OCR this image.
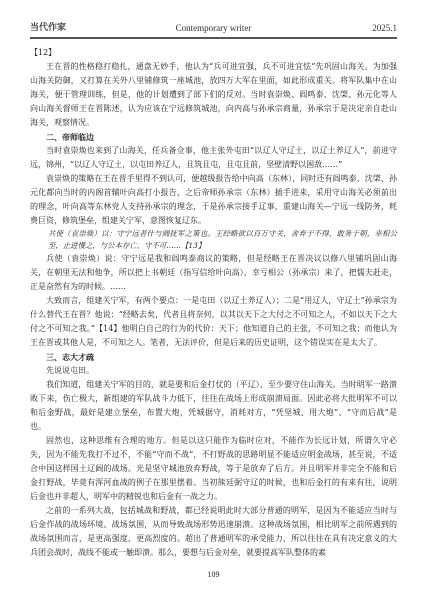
当代作家	Contemporary writer	2025.1

【12】

王在晋的性格稳打稳扎，通盘无妙手，他认为“兵可进宜强，兵不可进宜怯”先巩固山海关。为加强山海关防御，又打算在关外八里铺修筑一座城池，放四万大军在里面，如此形成重关。将军队集中在山海关，便于管理训练，但是，他的计划遭到了部下们的反对。当时袁崇焕、阎鸣泰、沈棨、孙元化等人向山海关督师王在晋陈述，认为应该在宁远修筑城池，向内高与孙承宗商量，孙承宗于是决定亲自赴山海关，观察情况。

二、帝师临边

当时袁崇焕也来到了山海关，任兵备佥事，他主张外屯田“以辽人守辽土，以辽土养辽人”，前进守远，锦州，“以辽人守辽土，以屯田养辽人，且筑且屯，且屯且前，坚壁清野以困敌……”

袁崇焕的策略在王在晋手里得不到认可，便越级报告给中向高（东林），同时还有阎鸣泰、沈棨、孙元化都向当时的内阁首辅叶向高打小报告，之后帝师孙承宗（东林）插手进来，采用守山海关必须前出的理念，叶向高等东林党人支持孙承宗的理念，于是孙承宗接手辽事，重建山海关—宁远一线防务，耗费巨资，修筑堡垒，组建关宁军，意图恢复辽东。

共使（袁崇焕）以：守宁远者什与阔抚军之策也。王经略欲以百万守关，舍弃于不得，敢务于朝，幸相公至，止进慢之，与公本存亡，守不可……【13】

兵使（袁崇焕）说：守宁远是我和阎鸣泰商议的策略，但是经略王在晋决议以修八里铺巩固山海关，在朝里无法和他争，所以把上书朝廷（指写信给叶向高），幸亏相公（孙承宗）来了，把懦夫赶走，正是奋然有为的时候。……

大致而言，组建关宁军，有两个要点：一是屯田（以辽土养辽人）；二是“用辽人，守辽土”孙承宗为什么替代王在晋？他说：“经略去矣，代者且将奈何，以其以天下之大付之不可知之人，不如以天下之大付之不可知之我。”【14】他明白自己的行为的代价：天下；他知道自己的主张，不可知之我；而他认为王在晋或其他人是，不可知之人。笔者，无法评价，但是后来的历史证明，这个错误实在是太大了。

三、志大才疏

先说说屯田。

我们知道，组建关宁军的目的，就是要和后金打仗的（平辽），至少要守住山海关。当时明军一路溃败下来，伤亡极大，新组建的军队战斗力低下，往往在战场上形成崩溃局面。因此必将大批明军不可以和后金野战，最好是建立堡垒，布置大炮，凭城据守，消耗对方，“凭坚城、用大炮”、“守而后战”是也。

固然也，这种思维有合理的地方。但是以这只能作为临时应对，不能作为长远计划，所谓久守必失，因为不能先我打不过不，不能“守而不战”，不打野战的思路明显不能适应明金战场，甚至说，不适合中国这样国土辽阔的战场。光是坚守城池放弃野战，等于是放弃了后方。并且明军并非完全不能和后金打野战，毕竟有浑河血战的例子在那里摆着。当初熊廷弼守辽的时候，也和后金打的有来有往，说明后金也并非超人，明军中的精锐也和后金有一战之力。

之前的一系列大战，包括城战和野战，都已经说明此时大部分普通的明军，是因为不能适应当时与后金作战的战场环境、战场氛围，从而导致战场形势迅速崩溃。这种战场氛围，相比明军之前所遇到的战场氛围而言，是更高强度，更高烈度的。超出了普通明军的承受能力，所以往往在具有决定意义的大兵团会战时，战线不能或一触即溃。那么，要想与后金对垒，就要提高军队整体的素

109
